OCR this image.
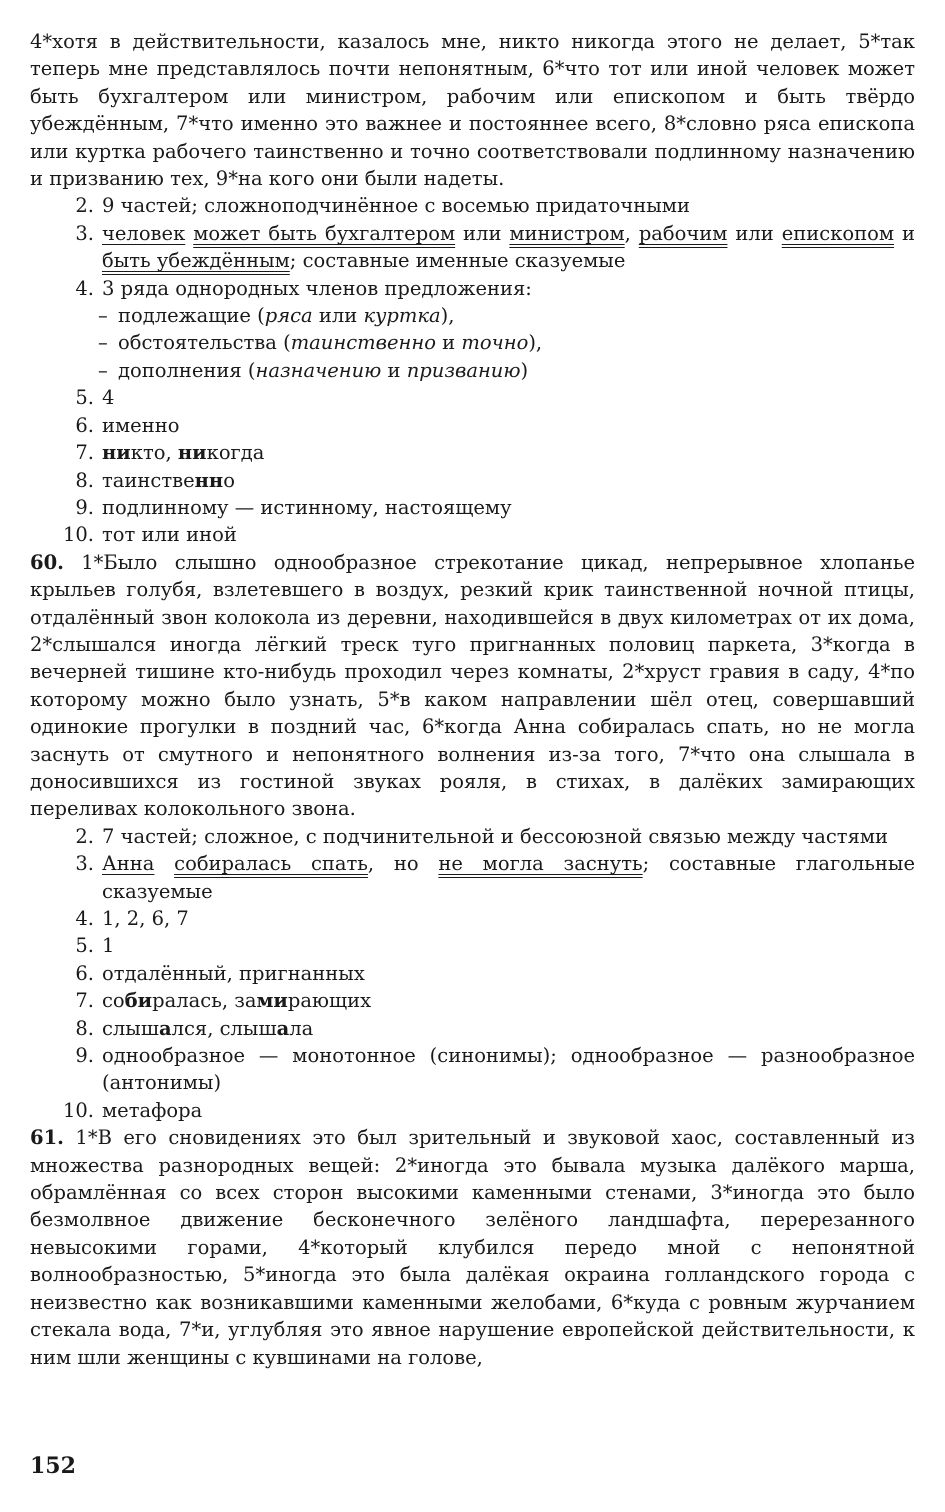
4*хотя в действительности, казалось мне, никто никогда этого не делает, 5*так теперь мне представлялось почти непонятным, 6*что тот или иной человек может быть бухгалтером или министром, рабочим или епископом и быть твёрдо убеждённым, 7*что именно это важнее и постояннее всего, 8*словно ряса епископа или куртка рабочего таинственно и точно соответствовали подлинному назначению и призванию тех, 9*на кого они были надеты.

2. 9 частей; сложноподчинённое с восемью придаточными
3. человек может быть бухгалтером или министром, рабочим или епископом и быть убеждённым; составные именные сказуемые
4. 3 ряда однородных членов предложения:
– подлежащие (ряса или куртка),
– обстоятельства (таинственно и точно),
– дополнения (назначению и призванию)
5. 4
6. именно
7. никто, никогда
8. таинственно
9. подлинному — истинному, настоящему
10. тот или иной

60. 1*Было слышно однообразное стрекотание цикад, непрерывное хлопанье крыльев голубя, взлетевшего в воздух, резкий крик таинственной ночной птицы, отдалённый звон колокола из деревни, находившейся в двух километрах от их дома, 2*слышался иногда лёгкий треск туго пригнанных половиц паркета, 3*когда в вечерней тишине кто-нибудь проходил через комнаты, 2*хруст гравия в саду, 4*по которому можно было узнать, 5*в каком направлении шёл отец, совершавший одинокие прогулки в поздний час, 6*когда Анна собиралась спать, но не могла заснуть от смутного и непонятного волнения из-за того, 7*что она слышала в доносившихся из гостиной звуках рояля, в стихах, в далёких замирающих переливах колокольного звона.

2. 7 частей; сложное, с подчинительной и бессоюзной связью между частями
3. Анна собиралась спать, но не могла заснуть; составные глагольные сказуемые
4. 1, 2, 6, 7
5. 1
6. отдалённый, пригнанных
7. собиралась, замирающих
8. слышался, слышала
9. однообразное — монотонное (синонимы); однообразное — разнообразное (антонимы)
10. метафора

61. 1*В его сновидениях это был зрительный и звуковой хаос, составленный из множества разнородных вещей: 2*иногда это бывала музыка далёкого марша, обрамлённая со всех сторон высокими каменными стенами, 3*иногда это было безмолвное движение бесконечного зелёного ландшафта, перерезанного невысокими горами, 4*который клубился передо мной с непонятной волнообразностью, 5*иногда это была далёкая окраина голландского города с неизвестно как возникавшими каменными желобами, 6*куда с ровным журчанием стекала вода, 7*и, углубляя это явное нарушение европейской действительности, к ним шли женщины с кувшинами на голове,

152
